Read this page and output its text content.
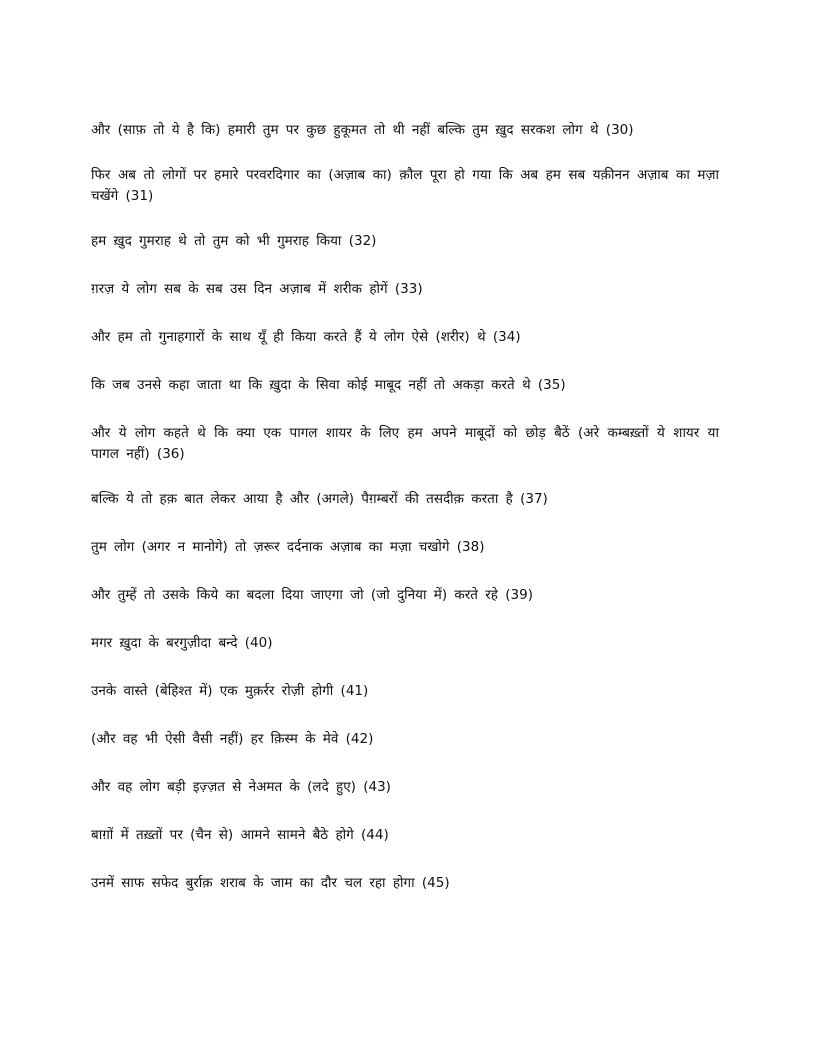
और (साफ़ तो ये है कि) हमारी तुम पर कुछ हुकूमत तो थी नहीं बल्कि तुम ख़ुद सरकश लोग थे (30)
फिर अब तो लोगों पर हमारे परवरदिगार का (अज़ाब का) क़ौल पूरा हो गया कि अब हम सब यक़ीनन अज़ाब का मज़ा चखेंगे (31)
हम ख़ुद गुमराह थे तो तुम को भी गुमराह किया (32)
ग़रज़ ये लोग सब के सब उस दिन अज़ाब में शरीक होगें (33)
और हम तो गुनाहगारों के साथ यूँ ही किया करते हैं ये लोग ऐसे (शरीर) थे (34)
कि जब उनसे कहा जाता था कि ख़ुदा के सिवा कोई माबूद नहीं तो अकड़ा करते थे (35)
और ये लोग कहते थे कि क्या एक पागल शायर के लिए हम अपने माबूदों को छोड़ बैठें (अरे कम्बख़्तों ये शायर या पागल नहीं) (36)
बल्कि ये तो हक़ बात लेकर आया है और (अगले) पैग़म्बरों की तसदीक़ करता है (37)
तुम लोग (अगर न मानोगे) तो ज़रूर दर्दनाक अज़ाब का मज़ा चखोगे (38)
और तुम्हें तो उसके किये का बदला दिया जाएगा जो (जो दुनिया में) करते रहे (39)
मगर ख़ुदा के बरगुज़ीदा बन्दे (40)
उनके वास्ते (बेहिश्त में) एक मुक़र्रर रोज़ी होगी (41)
(और वह भी ऐसी वैसी नहीं) हर क़िस्म के मेवे (42)
और वह लोग बड़ी इज़्ज़त से नेअमत के (लदे हुए) (43)
बाग़ों में तख़्तों पर (चैन से) आमने सामने बैठे होगे (44)
उनमें साफ सफेद बुर्राक़ शराब के जाम का दौर चल रहा होगा (45)
